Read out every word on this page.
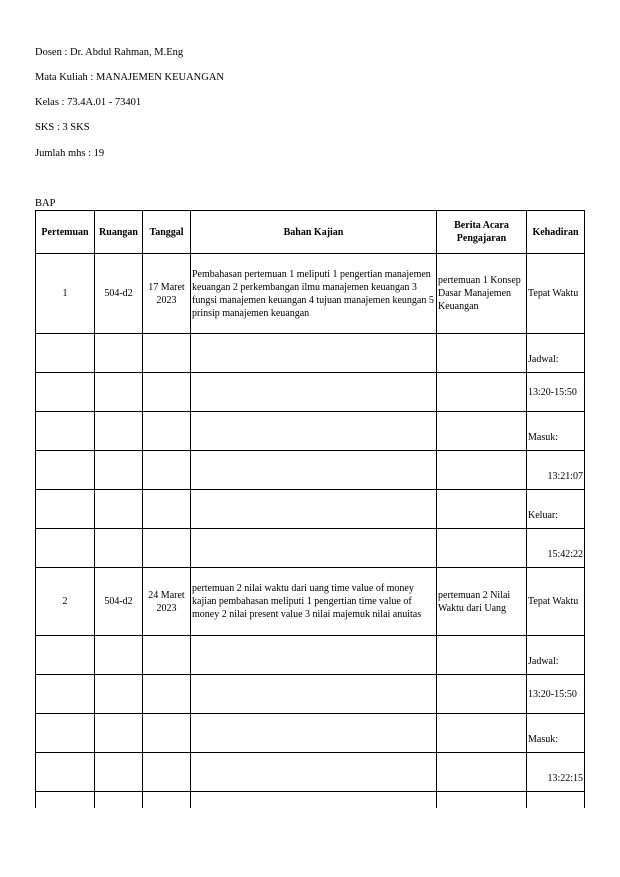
Dosen : Dr. Abdul Rahman, M.Eng
Mata Kuliah : MANAJEMEN KEUANGAN
Kelas : 73.4A.01 - 73401
SKS : 3 SKS
Jumlah mhs : 19
BAP
Pertemuan	Ruangan	Tanggal	Bahan Kajian	Berita Acara Pengajaran	Kehadiran
1	504-d2	17 Maret 2023	Pembahasan pertemuan 1 meliputi 1 pengertian manajemen keuangan 2 perkembangan ilmu manajemen keuangan 3 fungsi manajemen keuangan 4 tujuan manajemen keungan 5 prinsip manajemen keuangan	pertemuan 1 Konsep Dasar Manajemen Keuangan	Tepat Waktu
					Jadwal:
					13:20-15:50
					Masuk:
					13:21:07
					Keluar:
					15:42:22
2	504-d2	24 Maret 2023	pertemuan 2 nilai waktu dari uang time value of money kajian pembahasan meliputi 1 pengertian time value of money 2 nilai present value 3 nilai majemuk nilai anuitas	pertemuan 2 Nilai Waktu dari Uang	Tepat Waktu
					Jadwal:
					13:20-15:50
					Masuk:
					13:22:15
